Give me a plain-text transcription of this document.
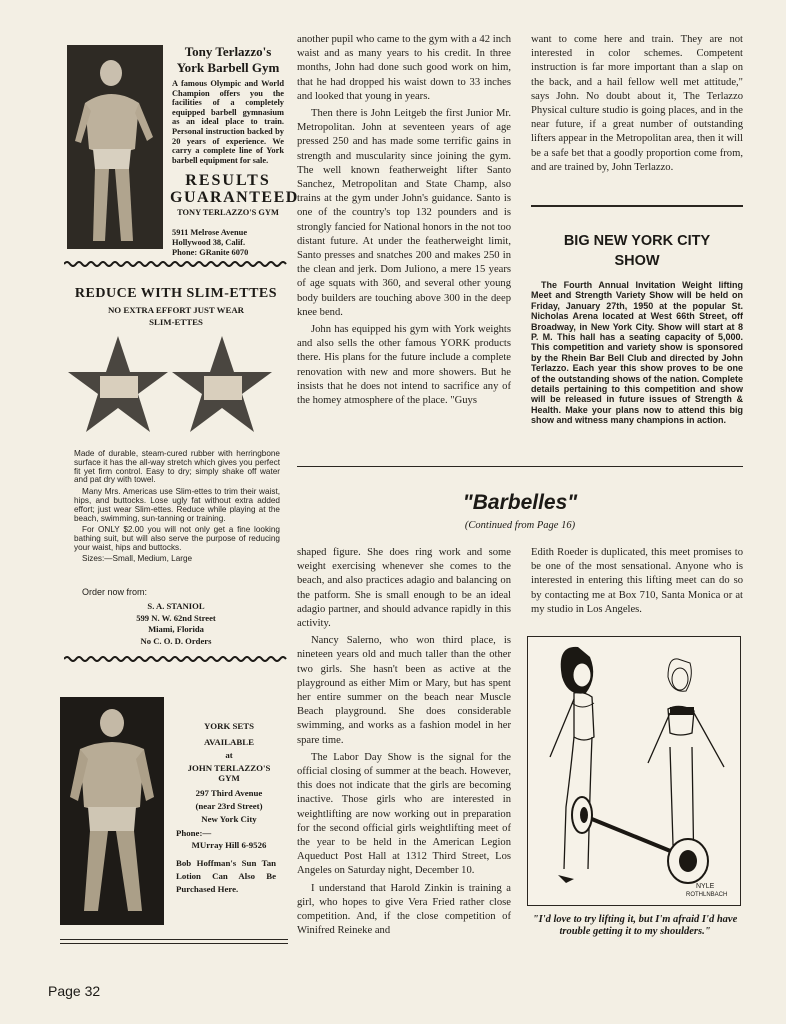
Tony Terlazzo's
York Barbell Gym
A famous Olympic and World Champion offers you the facilities of a completely equipped barbell gymnasium as an ideal place to train. Personal instruction backed by 20 years of experience. We carry a complete line of York barbell equipment for sale.
RESULTS
GUARANTEED
TONY TERLAZZO'S GYM
5911 Melrose Avenue
Hollywood 38, Calif.
Phone: GRanite 6070
REDUCE WITH SLIM-ETTES
NO EXTRA EFFORT JUST WEAR
SLIM-ETTES
Made of durable, steam-cured rubber with herringbone surface it has the all-way stretch which gives you perfect fit yet firm control. Easy to dry; simply shake off water and pat dry with towel.
Many Mrs. Americas use Slim-ettes to trim their waist, hips, and buttocks. Lose ugly fat without extra added effort; just wear Slim-ettes. Reduce while playing at the beach, swimming, sun-tanning or training.
For ONLY $2.00 you will not only get a fine looking bathing suit, but will also serve the purpose of reducing your waist, hips and buttocks.
Sizes:—Small, Medium, Large
Order now from:
S. A. STANIOL
599 N. W. 62nd Street
Miami, Florida
No C. O. D. Orders
YORK SETS
AVAILABLE
at
JOHN TERLAZZO'S
GYM
297 Third Avenue
(near 23rd Street)
New York City
Phone:—
MUrray Hill 6-9526
Bob Hoffman's Sun Tan Lotion Can Also Be Purchased Here.

another pupil who came to the gym with a 42 inch waist and as many years to his credit. In three months, John had done such good work on him, that he had dropped his waist down to 33 inches and looked that young in years.

Then there is John Leitgeb the first Junior Mr. Metropolitan. John at seventeen years of age pressed 250 and has made some terrific gains in strength and muscularity since joining the gym. The well known featherweight lifter Santo Sanchez, Metropolitan and State Champ, also trains at the gym under John's guidance. Santo is one of the country's top 132 pounders and is strongly fancied for National honors in the not too distant future. At under the featherweight limit, Santo presses and snatches 200 and makes 250 in the clean and jerk. Dom Juliono, a mere 15 years of age squats with 360, and several other young body builders are touching above 300 in the deep knee bend.

John has equipped his gym with York weights and also sells the other famous YORK products there. His plans for the future include a complete renovation with new and more showers. But he insists that he does not intend to sacrifice any of the homey atmosphere of the place. "Guys

want to come here and train. They are not interested in color schemes. Competent instruction is far more important than a slap on the back, and a hail fellow well met attitude," says John. No doubt about it, The Terlazzo Physical culture studio is going places, and in the near future, if a great number of outstanding lifters appear in the Metropolitan area, then it will be a safe bet that a goodly proportion come from, and are trained by, John Terlazzo.

BIG NEW YORK CITY
SHOW
The Fourth Annual Invitation Weight lifting Meet and Strength Variety Show will be held on Friday, January 27th, 1950 at the popular St. Nicholas Arena located at West 66th Street, off Broadway, in New York City. Show will start at 8 P. M. This hall has a seating capacity of 5,000. This competition and variety show is sponsored by the Rhein Bar Bell Club and directed by John Terlazzo. Each year this show proves to be one of the outstanding shows of the nation. Complete details pertaining to this competition and show will be released in future issues of Strength & Health. Make your plans now to attend this big show and witness many champions in action.
"Barbelles"
(Continued from Page 16)

shaped figure. She does ring work and some weight exercising whenever she comes to the beach, and also practices adagio and balancing on the patform. She is small enough to be an ideal adagio partner, and should advance rapidly in this activity.

Nancy Salerno, who won third place, is nineteen years old and much taller than the other two girls. She hasn't been as active at the playground as either Mim or Mary, but has spent her entire summer on the beach near Muscle Beach playground. She does considerable swimming, and works as a fashion model in her spare time.

The Labor Day Show is the signal for the official closing of summer at the beach. However, this does not indicate that the girls are becoming inactive. Those girls who are interested in weightlifting are now working out in preparation for the second official girls weightlifting meet of the year to be held in the American Legion Aqueduct Post Hall at 1312 Third Street, Los Angeles on Saturday night, December 10.

I understand that Harold Zinkin is training a girl, who hopes to give Vera Fried rather close competition. And, if the close competition of Winifred Reineke and

Edith Roeder is duplicated, this meet promises to be one of the most sensational. Anyone who is interested in entering this lifting meet can do so by contacting me at Box 710, Santa Monica or at my studio in Los Angeles.

NYLE
ROTHLNBACH
"I'd love to try lifting it, but I'm afraid I'd have trouble getting it to my shoulders."
Page 32
